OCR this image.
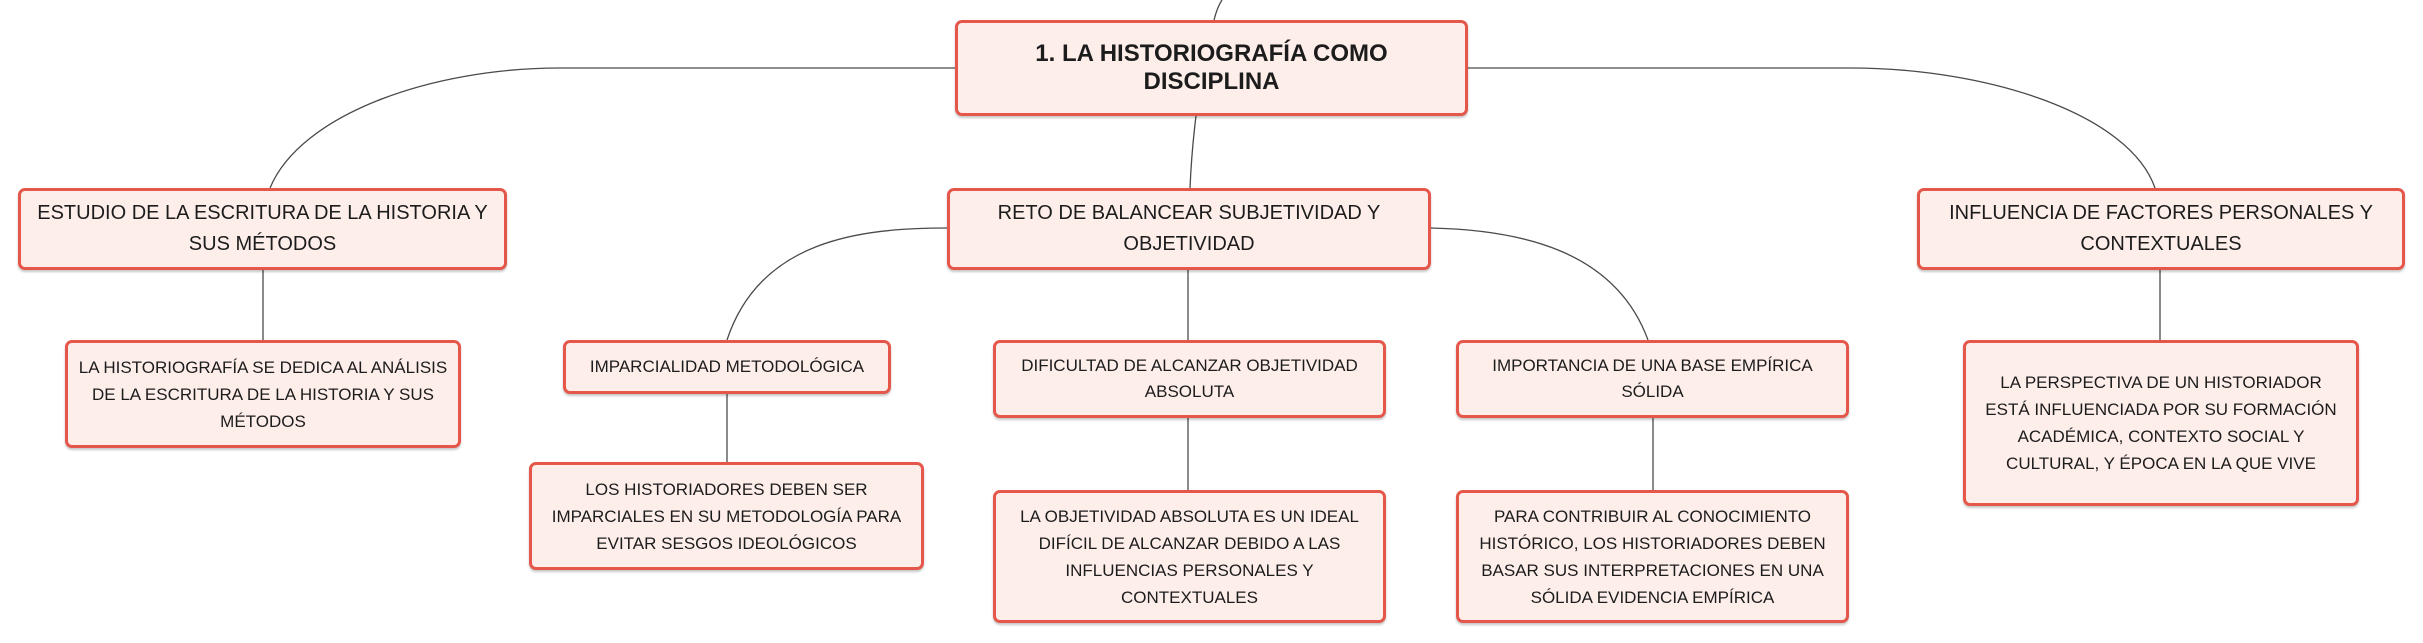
1. LA HISTORIOGRAFÍA COMO DISCIPLINA
ESTUDIO DE LA ESCRITURA DE LA HISTORIA Y SUS MÉTODOS
LA HISTORIOGRAFÍA SE DEDICA AL ANÁLISIS DE LA ESCRITURA DE LA HISTORIA Y SUS MÉTODOS
RETO DE BALANCEAR SUBJETIVIDAD Y OBJETIVIDAD
IMPARCIALIDAD METODOLÓGICA
LOS HISTORIADORES DEBEN SER IMPARCIALES EN SU METODOLOGÍA PARA EVITAR SESGOS IDEOLÓGICOS
DIFICULTAD DE ALCANZAR OBJETIVIDAD ABSOLUTA
LA OBJETIVIDAD ABSOLUTA ES UN IDEAL DIFÍCIL DE ALCANZAR DEBIDO A LAS INFLUENCIAS PERSONALES Y CONTEXTUALES
IMPORTANCIA DE UNA BASE EMPÍRICA SÓLIDA
PARA CONTRIBUIR AL CONOCIMIENTO HISTÓRICO, LOS HISTORIADORES DEBEN BASAR SUS INTERPRETACIONES EN UNA SÓLIDA EVIDENCIA EMPÍRICA
INFLUENCIA DE FACTORES PERSONALES Y CONTEXTUALES
LA PERSPECTIVA DE UN HISTORIADOR ESTÁ INFLUENCIADA POR SU FORMACIÓN ACADÉMICA, CONTEXTO SOCIAL Y CULTURAL, Y ÉPOCA EN LA QUE VIVE
